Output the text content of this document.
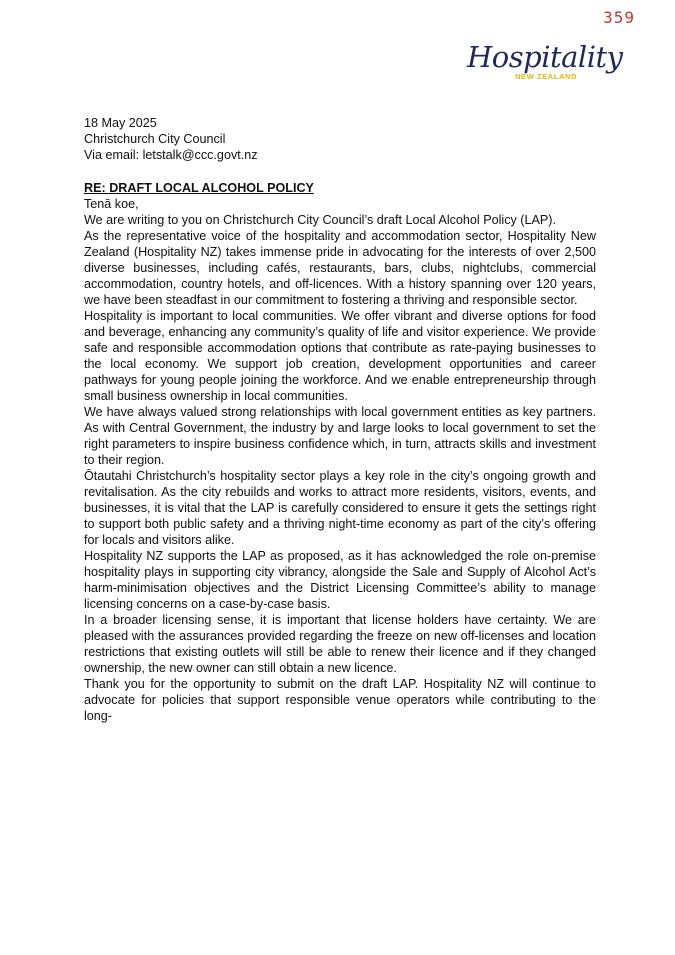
359
Hospitality
NEW ZEALAND

18 May 2025

Christchurch City Council

Via email: letstalk@ccc.govt.nz

RE: DRAFT LOCAL ALCOHOL POLICY

Tenā koe,

We are writing to you on Christchurch City Council’s draft Local Alcohol Policy (LAP).

As the representative voice of the hospitality and accommodation sector, Hospitality New Zealand (Hospitality NZ) takes immense pride in advocating for the interests of over 2,500 diverse businesses, including cafés, restaurants, bars, clubs, nightclubs, commercial accommodation, country hotels, and off-licences. With a history spanning over 120 years, we have been steadfast in our commitment to fostering a thriving and responsible sector.

Hospitality is important to local communities. We offer vibrant and diverse options for food and beverage, enhancing any community’s quality of life and visitor experience. We provide safe and responsible accommodation options that contribute as rate-paying businesses to the local economy. We support job creation, development opportunities and career pathways for young people joining the workforce. And we enable entrepreneurship through small business ownership in local communities.

We have always valued strong relationships with local government entities as key partners. As with Central Government, the industry by and large looks to local government to set the right parameters to inspire business confidence which, in turn, attracts skills and investment to their region.

Ōtautahi Christchurch’s hospitality sector plays a key role in the city’s ongoing growth and revitalisation. As the city rebuilds and works to attract more residents, visitors, events, and businesses, it is vital that the LAP is carefully considered to ensure it gets the settings right to support both public safety and a thriving night-time economy as part of the city’s offering for locals and visitors alike.

Hospitality NZ supports the LAP as proposed, as it has acknowledged the role on-premise hospitality plays in supporting city vibrancy, alongside the Sale and Supply of Alcohol Act’s harm-minimisation objectives and the District Licensing Committee’s ability to manage licensing concerns on a case-by-case basis.

In a broader licensing sense, it is important that license holders have certainty. We are pleased with the assurances provided regarding the freeze on new off-licenses and location restrictions that existing outlets will still be able to renew their licence and if they changed ownership, the new owner can still obtain a new licence.

Thank you for the opportunity to submit on the draft LAP. Hospitality NZ will continue to advocate for policies that support responsible venue operators while contributing to the long-
